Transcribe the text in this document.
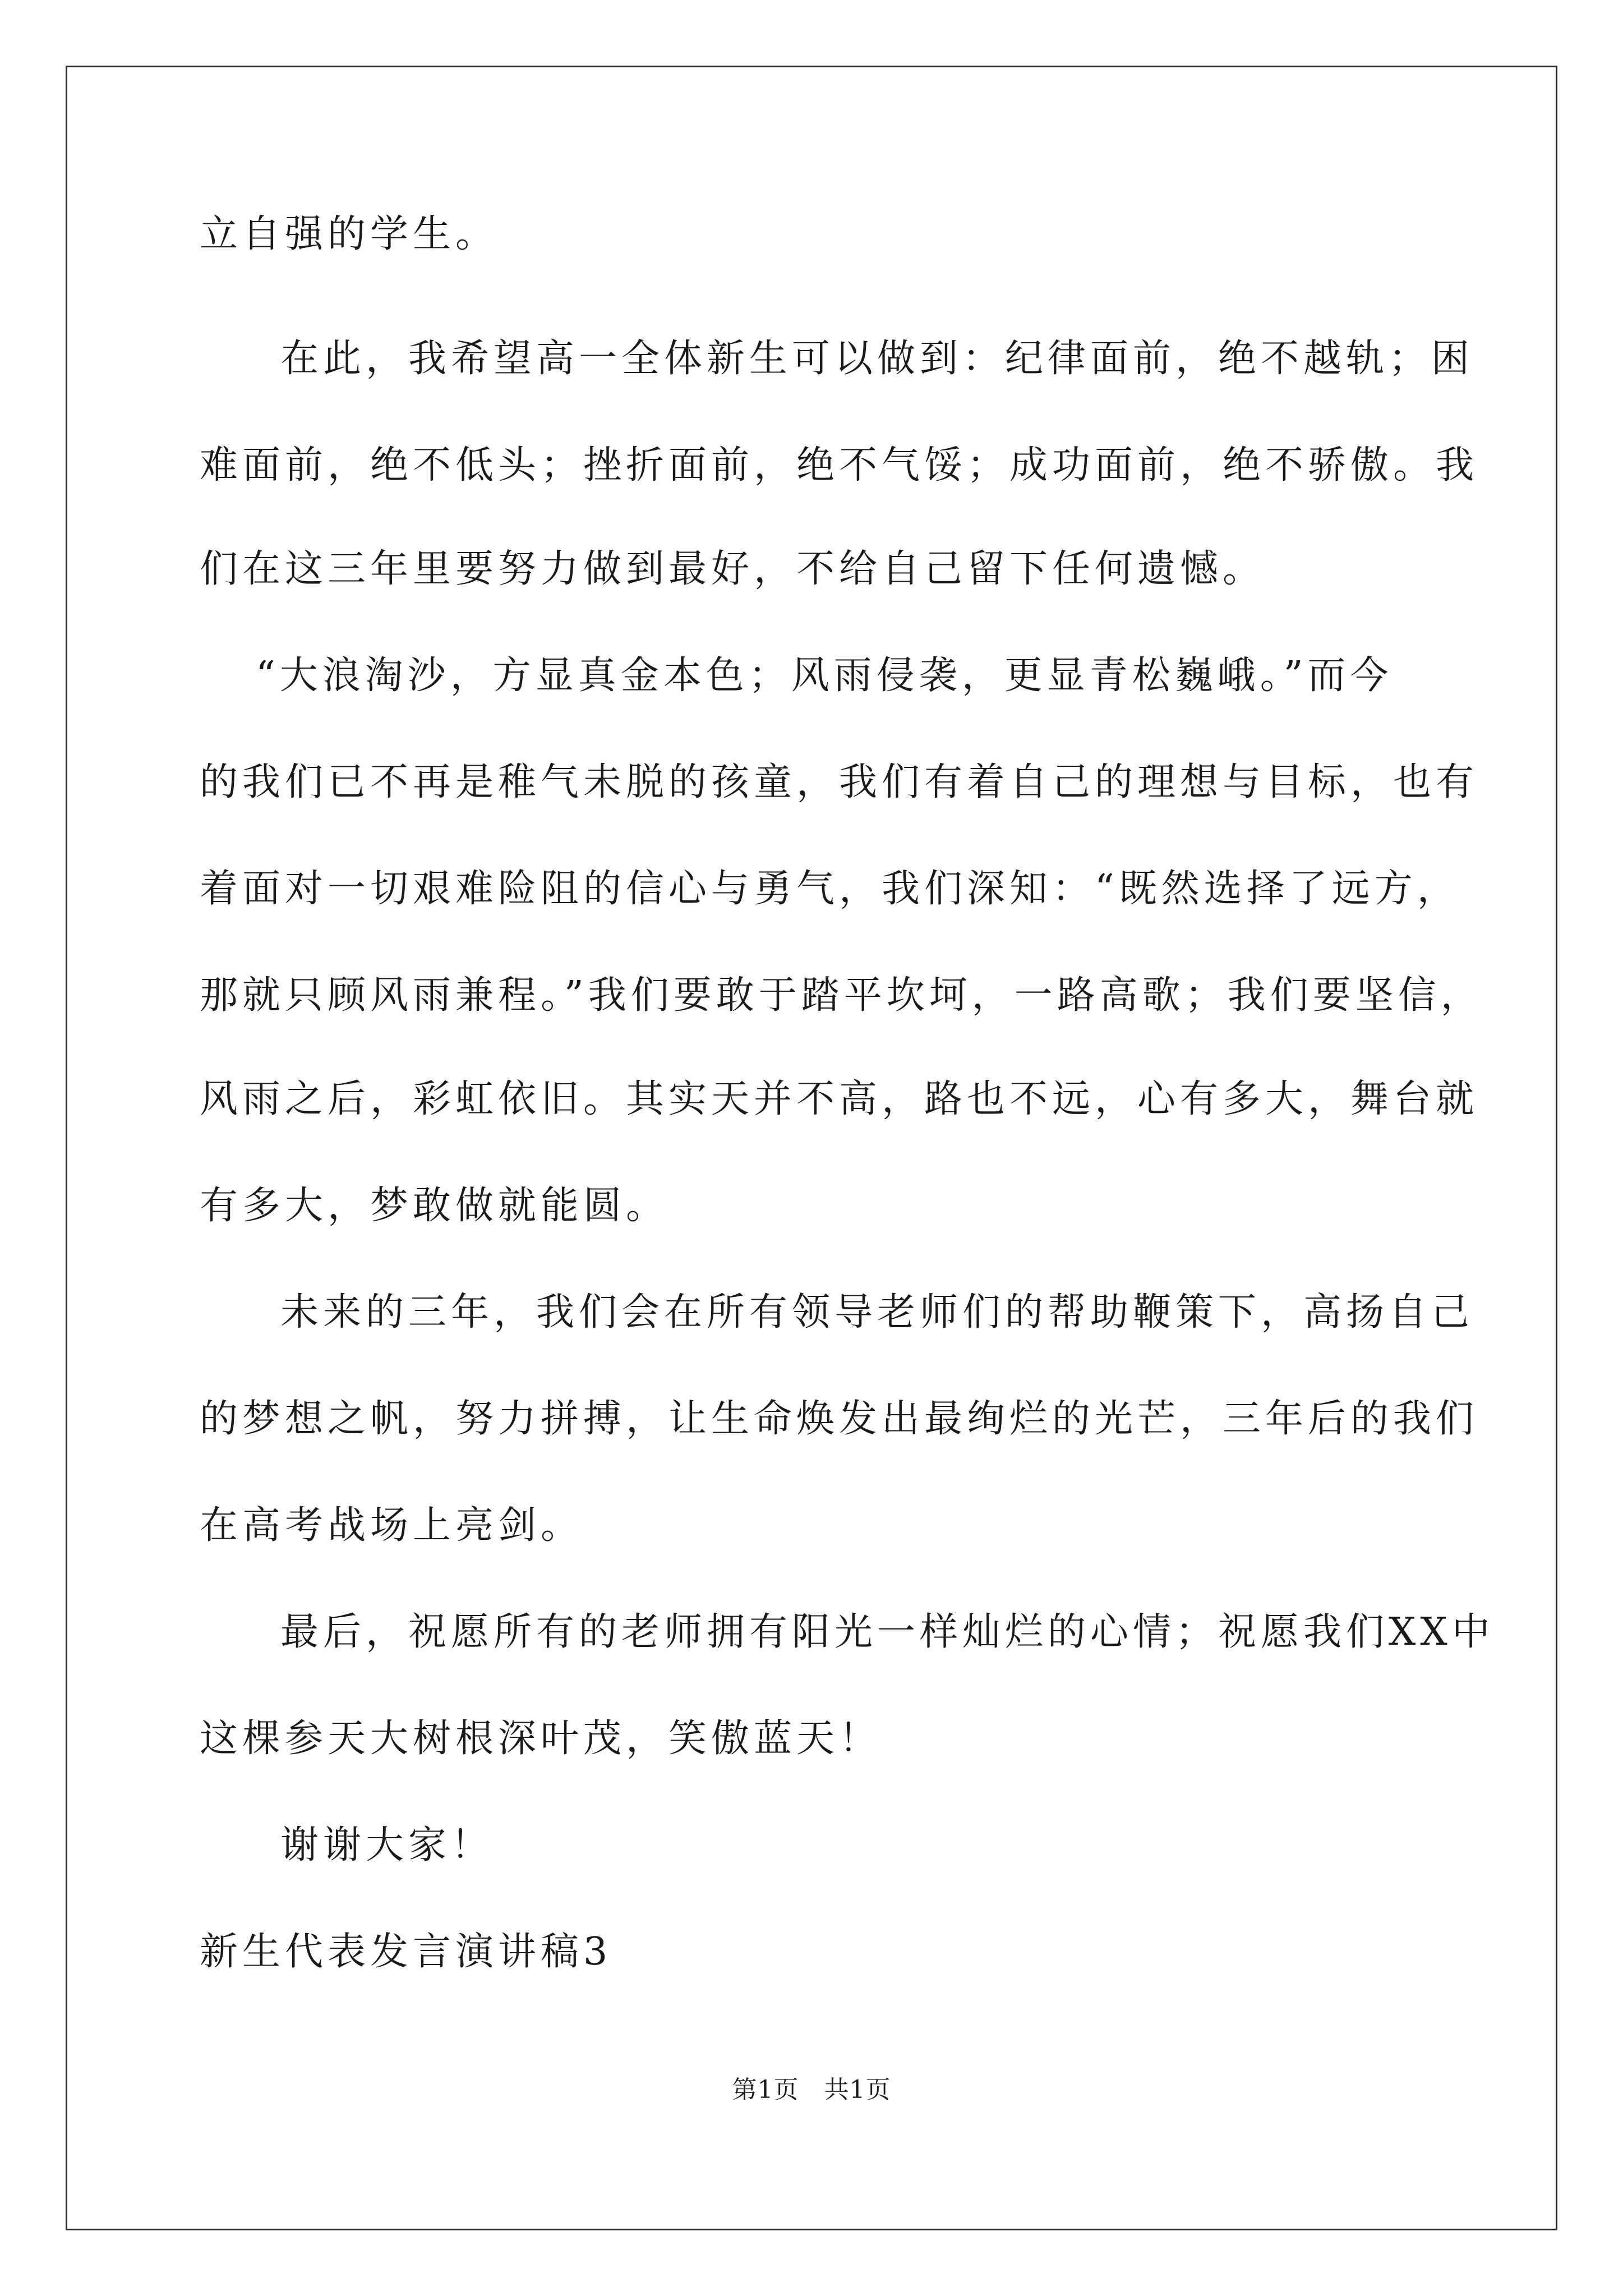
立自强的学生。
在此，我希望高一全体新生可以做到：纪律面前，绝不越轨；困
难面前，绝不低头；挫折面前，绝不气馁；成功面前，绝不骄傲。我
们在这三年里要努力做到最好，不给自己留下任何遗憾。
“大浪淘沙，方显真金本色；风雨侵袭，更显青松巍峨。”而今
的我们已不再是稚气未脱的孩童，我们有着自己的理想与目标，也有
着面对一切艰难险阻的信心与勇气，我们深知：“既然选择了远方，
那就只顾风雨兼程。”我们要敢于踏平坎坷，一路高歌；我们要坚信，
风雨之后，彩虹依旧。其实天并不高，路也不远，心有多大，舞台就
有多大，梦敢做就能圆。
未来的三年，我们会在所有领导老师们的帮助鞭策下，高扬自己
的梦想之帆，努力拼搏，让生命焕发出最绚烂的光芒，三年后的我们
在高考战场上亮剑。
最后，祝愿所有的老师拥有阳光一样灿烂的心情；祝愿我们XX中
这棵参天大树根深叶茂，笑傲蓝天！
谢谢大家！
新生代表发言演讲稿3
第1页   共1页
